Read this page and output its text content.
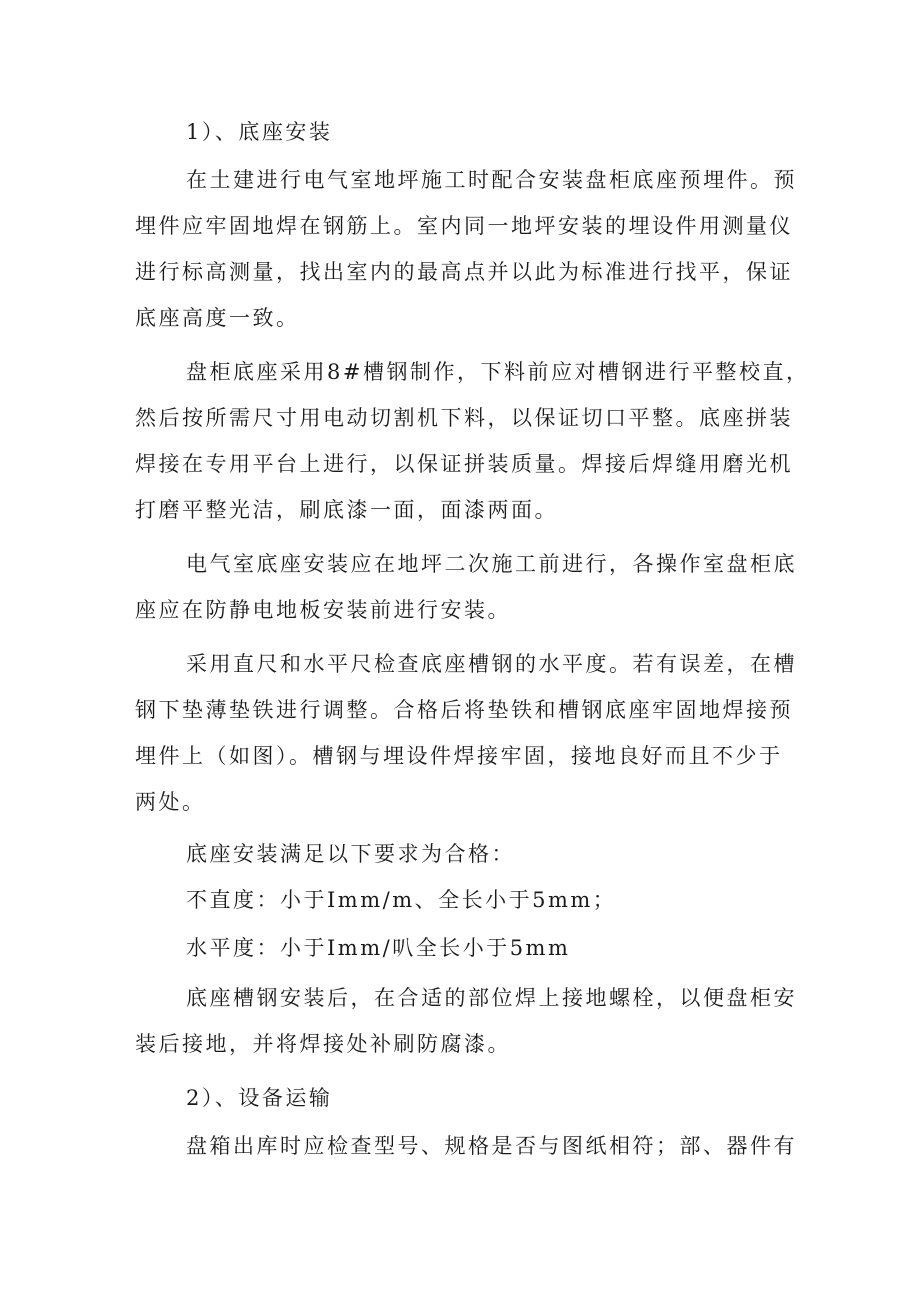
1）、底座安装
在土建进行电气室地坪施工时配合安装盘柜底座预埋件。预
埋件应牢固地焊在钢筋上。室内同一地坪安装的埋设件用测量仪
进行标高测量，找出室内的最高点并以此为标准进行找平，保证
底座高度一致。
盘柜底座采用8#槽钢制作，下料前应对槽钢进行平整校直，
然后按所需尺寸用电动切割机下料，以保证切口平整。底座拼装
焊接在专用平台上进行，以保证拼装质量。焊接后焊缝用磨光机
打磨平整光洁，刷底漆一面，面漆两面。
电气室底座安装应在地坪二次施工前进行，各操作室盘柜底
座应在防静电地板安装前进行安装。
采用直尺和水平尺检查底座槽钢的水平度。若有误差，在槽
钢下垫薄垫铁进行调整。合格后将垫铁和槽钢底座牢固地焊接预
埋件上（如图）。槽钢与埋设件焊接牢固，接地良好而且不少于
两处。
底座安装满足以下要求为合格：
不直度：小于Imm/m、全长小于5mm；
水平度：小于Imm/叭全长小于5mm
底座槽钢安装后，在合适的部位焊上接地螺栓，以便盘柜安
装后接地，并将焊接处补刷防腐漆。
2）、设备运输
盘箱出库时应检查型号、规格是否与图纸相符；部、器件有
